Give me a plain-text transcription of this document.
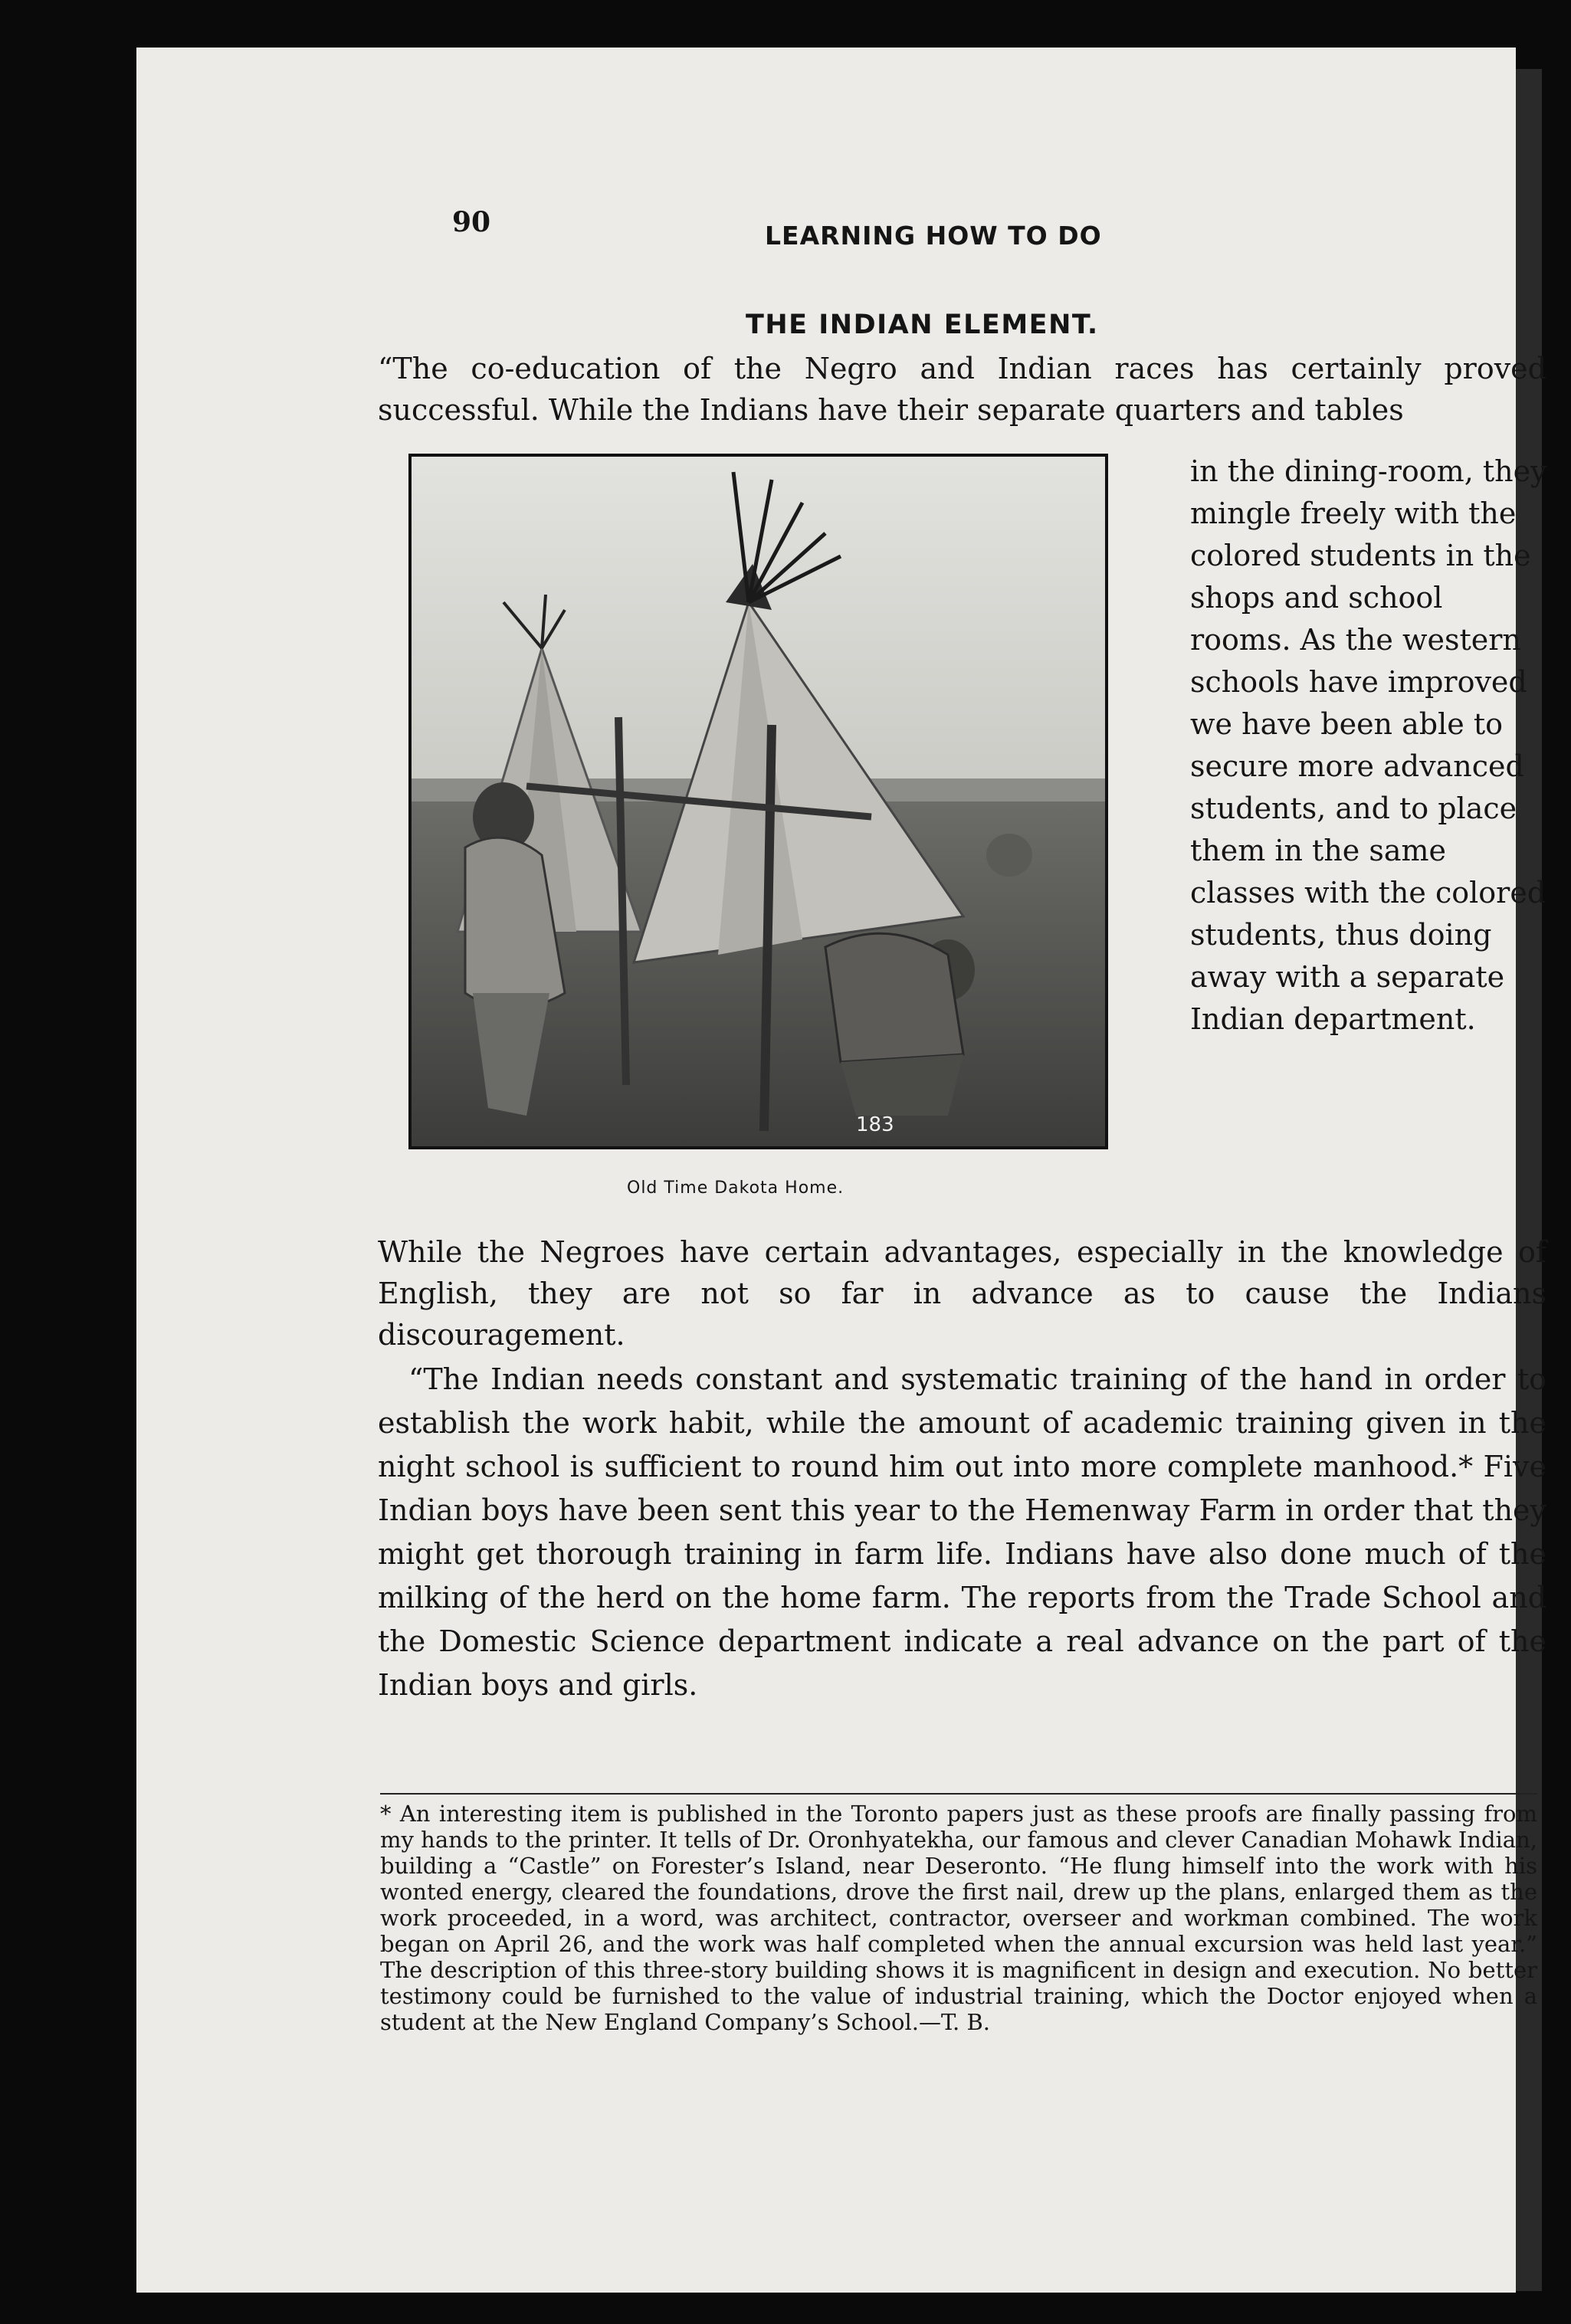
90	LEARNING HOW TO DO
THE INDIAN ELEMENT.
“The co-education of the Negro and Indian races has certainly proved successful. While the Indians have their separate quarters and tables
183
Old Time Dakota Home.
in the dining-room, they mingle freely with the colored students in the shops and school rooms. As the western schools have improved we have been able to secure more advanced students, and to place them in the same classes with the colored students, thus doing away with a separate Indian department.
While the Negroes have certain advantages, especially in the knowledge of English, they are not so far in advance as to cause the Indians discouragement.
“The Indian needs constant and systematic training of the hand in order to establish the work habit, while the amount of academic training given in the night school is sufficient to round him out into more complete manhood.* Five Indian boys have been sent this year to the Hemenway Farm in order that they might get thorough training in farm life. Indians have also done much of the milking of the herd on the home farm. The reports from the Trade School and the Domestic Science department indicate a real advance on the part of the Indian boys and girls.
* An interesting item is published in the Toronto papers just as these proofs are finally passing from my hands to the printer. It tells of Dr. Oronhyatekha, our famous and clever Canadian Mohawk Indian, building a “Castle” on Forester’s Island, near Deseronto. “He flung himself into the work with his wonted energy, cleared the foundations, drove the first nail, drew up the plans, enlarged them as the work proceeded, in a word, was architect, contractor, overseer and workman combined. The work began on April 26, and the work was half completed when the annual excursion was held last year.” The description of this three-story building shows it is magnificent in design and execution. No better testimony could be furnished to the value of industrial training, which the Doctor enjoyed when a student at the New England Company’s School.—T. B.
